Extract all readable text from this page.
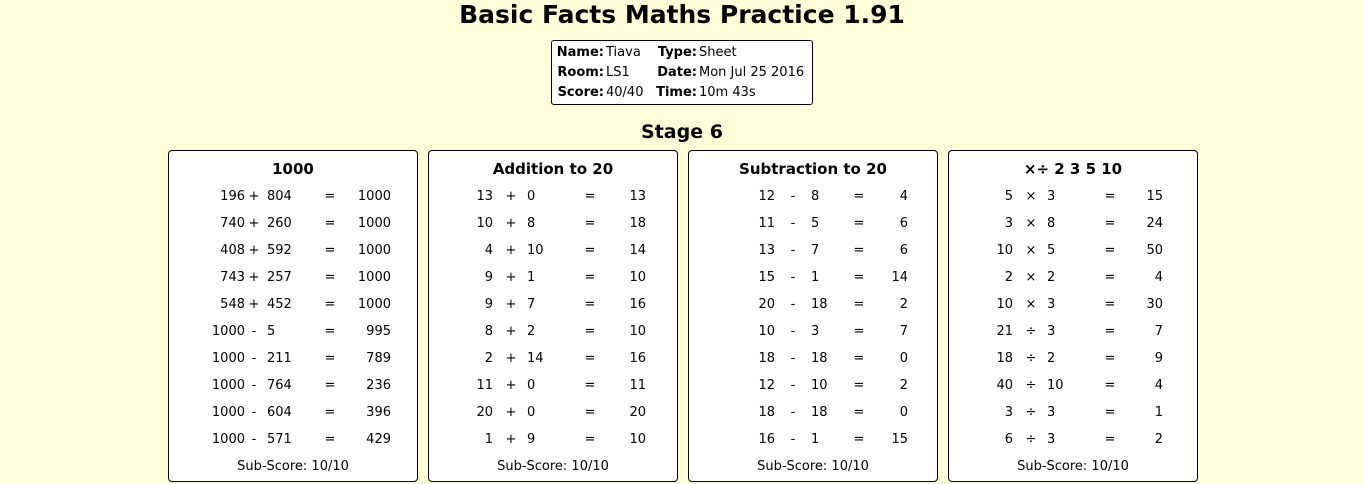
Basic Facts Maths Practice 1.91
Name: Tiava	Type: Sheet
Room: LS1	Date: Mon Jul 25 2016
Score: 40/40 Time: 10m 43s
Stage 6
1000
196 + 804	=	1000
740 + 260	=	1000
408 + 592	=	1000
743 + 257	=	1000
548 + 452	=	1000
1000 - 5	=	995
1000 - 211	=	789
1000 - 764	=	236
1000 - 604	=	396
1000 - 571	=	429
Sub-Score: 10/10
Addition to 20
13 + 0	=	13
10 + 8	=	18
4 + 10	=	14
9 + 1	=	10
9 + 7	=	16
8 + 2	=	10
2 + 14	=	16
11 + 0	=	11
20 + 0	=	20
1 + 9	=	10
Sub-Score: 10/10
Subtraction to 20
12	-	8	=	4
11	-	5	=	6
13	-	7	=	6
15	-	1	=	14
20	-	18	=	2
10	-	3	=	7
18	-	18	=	0
12	-	10	=	2
18	-	18	=	0
16	-	1	=	15
Sub-Score: 10/10
×÷ 2 3 5 10
5 × 3	=	15
3 × 8	=	24
10 × 5	=	50
2 × 2	=	4
10 × 3	=	30
21 ÷ 3	=	7
18 ÷ 2	=	9
40 ÷ 10	=	4
3 ÷ 3	=	1
6 ÷ 3	=	2
Sub-Score: 10/10
